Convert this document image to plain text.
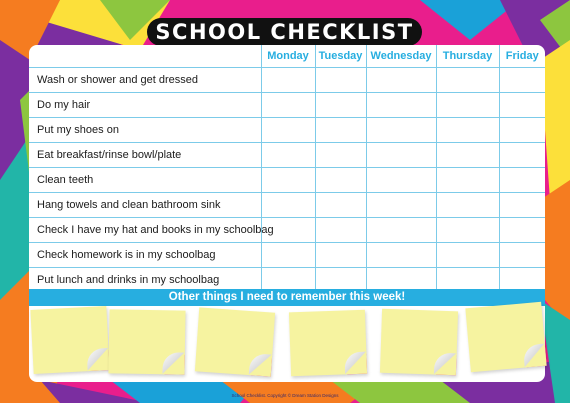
SCHOOL CHECKLIST
	Monday	Tuesday	Wednesday	Thursday	Friday
Wash or shower and get dressed					
Do my hair					
Put my shoes on					
Eat breakfast/rinse bowl/plate					
Clean teeth					
Hang towels and clean bathroom sink					
Check I have my hat and books in my schoolbag					
Check homework is in my schoolbag					
Put lunch and drinks in my schoolbag					
Other things I need to remember this week!
School Checklist. Copyright © Dream Station Designs
